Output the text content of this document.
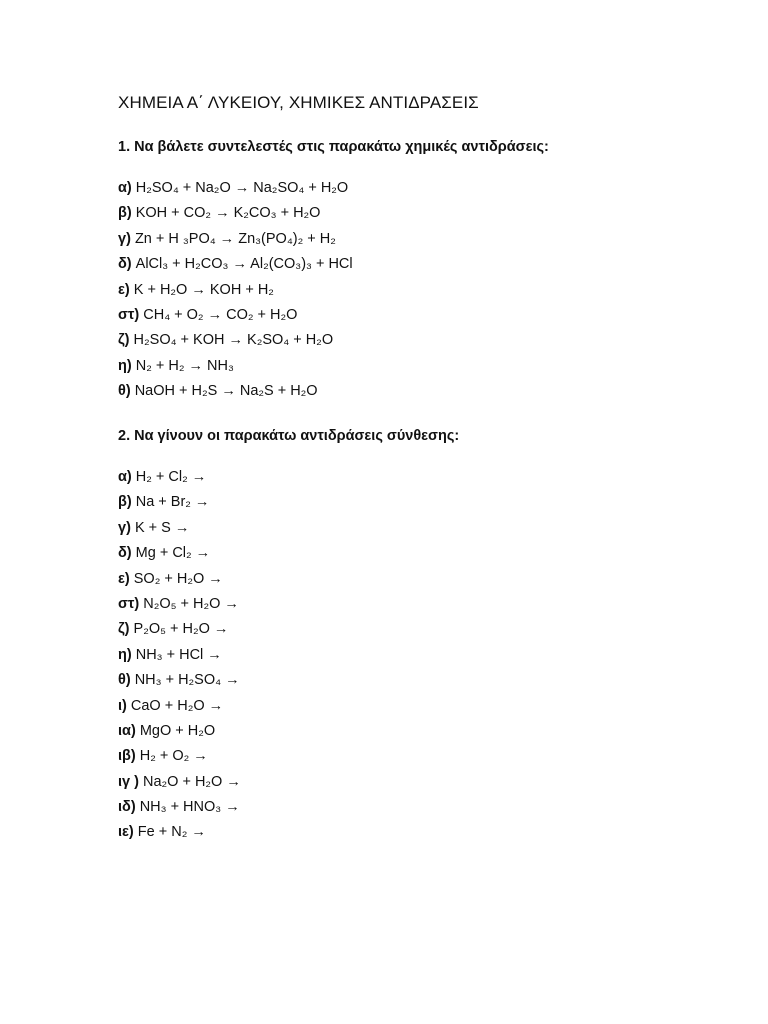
ΧΗΜΕΙΑ Α΄ ΛΥΚΕΙΟΥ, ΧΗΜΙΚΕΣ ΑΝΤΙΔΡΑΣΕΙΣ
1. Να βάλετε συντελεστές στις παρακάτω χημικές αντιδράσεις:
α) H₂SO₄ + Na₂O → Na₂SO₄ + H₂O
β) KOH + CO₂ → K₂CO₃ + H₂O
γ) Zn + H ₃PO₄ → Zn₃(PO₄)₂ + H₂
δ) AlCl₃ + H₂CO₃ → Al₂(CO₃)₃ + HCl
ε) K + H₂O → KOH + H₂
στ) CH₄ + O₂ → CO₂ + H₂O
ζ) H₂SO₄ + KOH → K₂SO₄ + H₂O
η) N₂ + H₂ → NH₃
θ) NaOH + H₂S → Na₂S + H₂O
2. Να γίνουν οι παρακάτω αντιδράσεις σύνθεσης:
α) H₂ + Cl₂ →
β) Na + Br₂ →
γ) K + S →
δ) Mg + Cl₂ →
ε) SO₂ + H₂O →
στ) N₂O₅ + H₂O →
ζ) P₂O₅ + H₂O →
η) NH₃ + HCl →
θ) NH₃ + H₂SO₄ →
ι) CaO + H₂O →
ια) MgO + H₂O
ιβ) H₂ + O₂ →
ιγ ) Na₂O + H₂O →
ιδ) NH₃ + HNO₃ →
ιε) Fe + N₂ →
